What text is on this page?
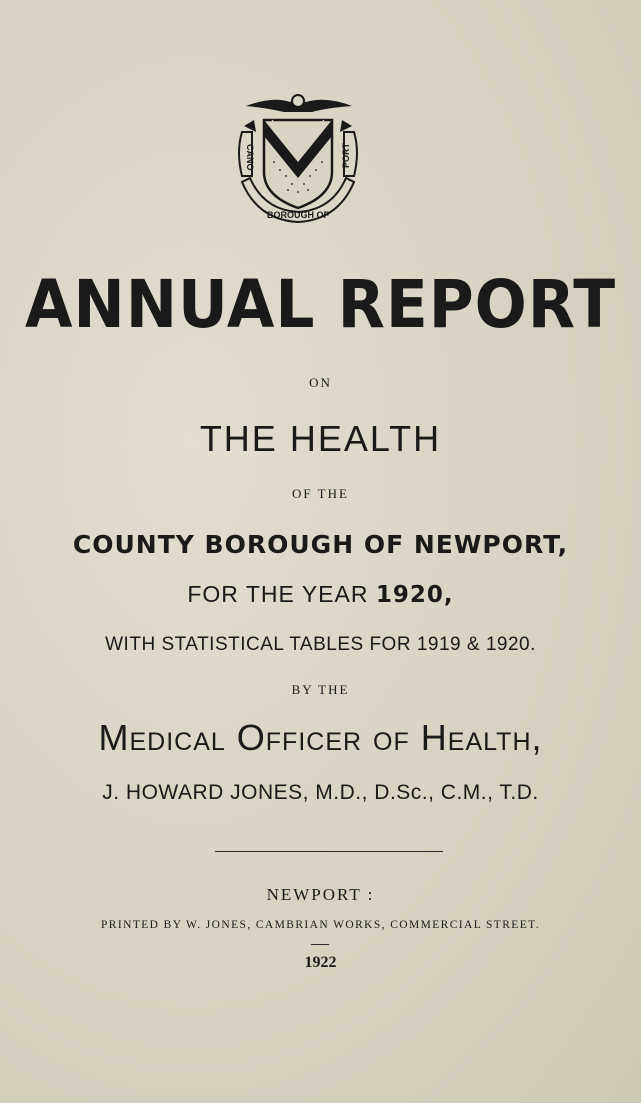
CANO	PORT
BOROUGH OF
ANNUAL REPORT
ON
THE HEALTH
OF THE
COUNTY BOROUGH OF NEWPORT,
FOR THE YEAR 1920,
WITH STATISTICAL TABLES FOR 1919 & 1920.
BY THE
Medical Officer of Health,
J. HOWARD JONES, M.D., D.Sc., C.M., T.D.
NEWPORT :
PRINTED BY W. JONES, CAMBRIAN WORKS, COMMERCIAL STREET.
1922
